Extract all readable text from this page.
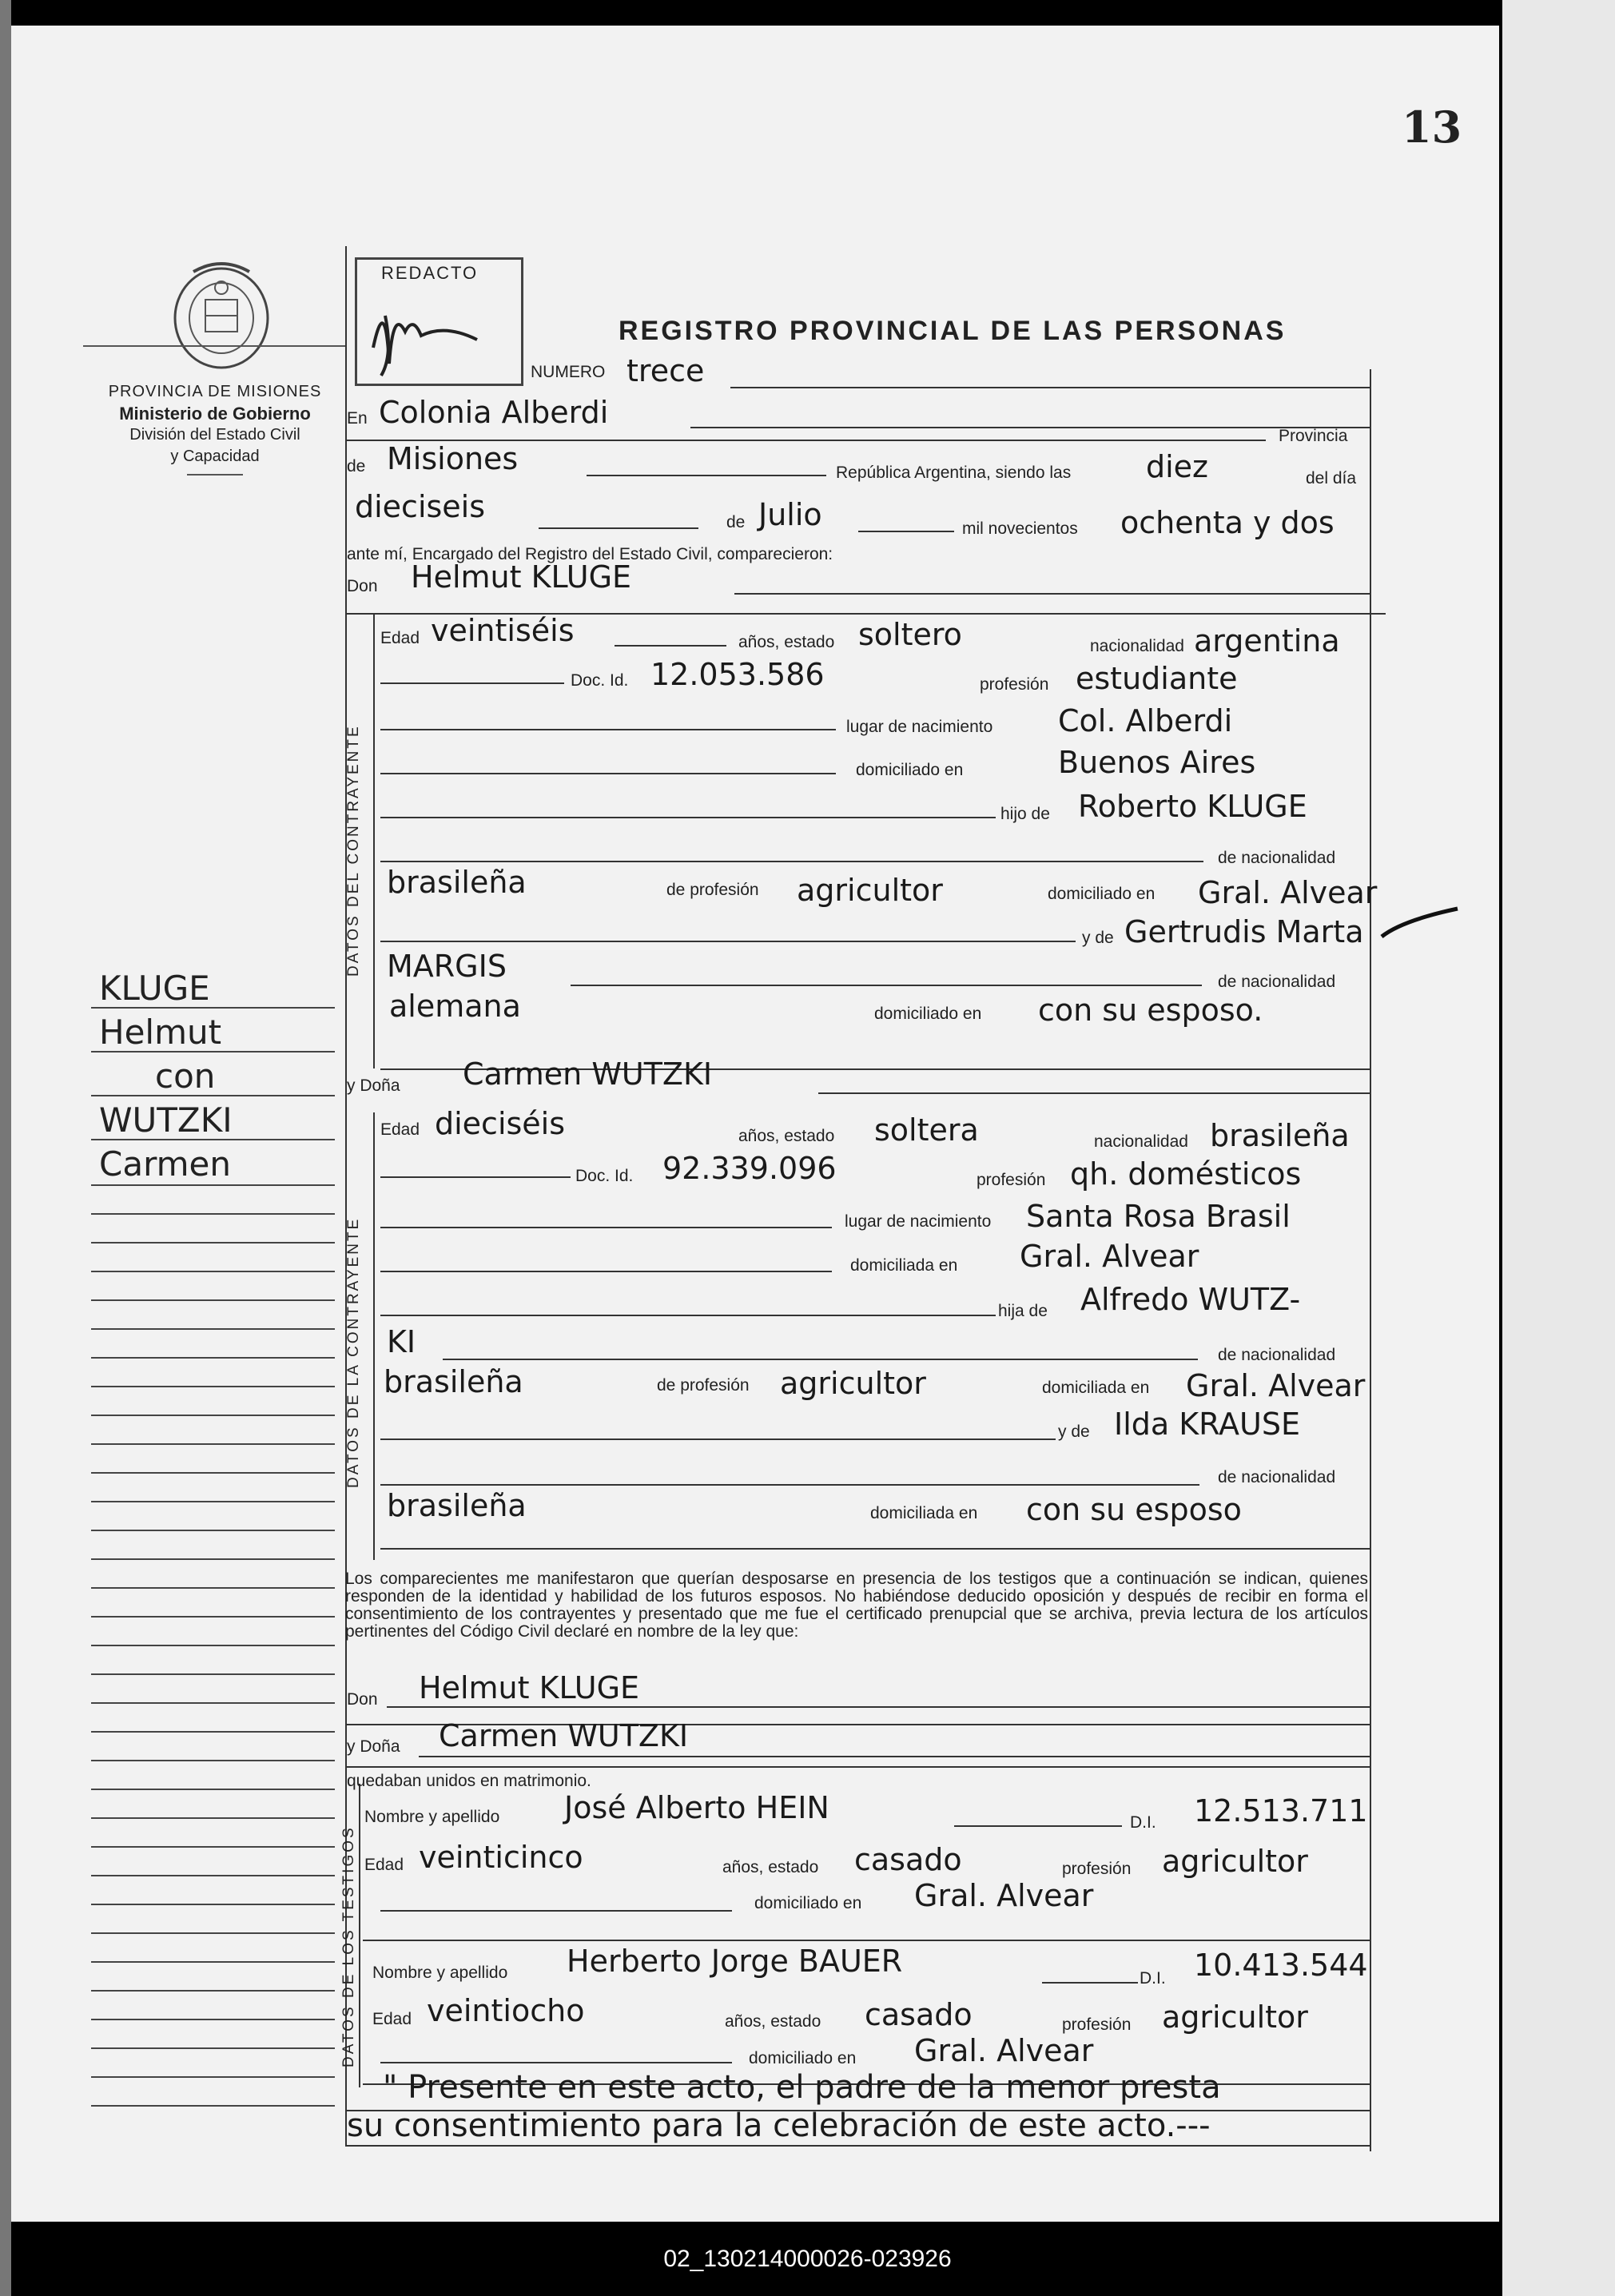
13
PROVINCIA DE MISIONES
Ministerio de Gobierno
División del Estado Civil
y Capacidad
REDACTO
REGISTRO PROVINCIAL DE LAS PERSONAS
KLUGE
Helmut
con
WUTZKI
Carmen
NUMERO trece
En Colonia Alberdi
Provincia
de Misiones	República Argentina, siendo las diez	del día
dieciseis	de Julio	mil novecientos ochenta y dos
ante mí, Encargado del Registro del Estado Civil, comparecieron:
Don Helmut KLUGE
DATOS DEL CONTRAYENTE
Edad veintiséis	años, estado soltero	nacionalidad argentina
Doc. Id. 12.053.586	profesión estudiante
lugar de nacimiento Col. Alberdi
domiciliado en	Buenos Aires
hijo de Roberto KLUGE
de nacionalidad
brasileña	de profesión agricultor	domiciliado en Gral. Alvear
y de Gertrudis Marta
MARGIS	de nacionalidad
alemana	domiciliado en con su esposo.
y Doña Carmen WUTZKI
DATOS DE LA CONTRAYENTE
Edad dieciséis	años, estado soltera	nacionalidad brasileña
Doc. Id. 92.339.096	profesión qh. domésticos
lugar de nacimiento Santa Rosa Brasil
domiciliada en Gral. Alvear
hija de Alfredo WUTZ-
KI	de nacionalidad
brasileña	de profesión agricultor	domiciliada en Gral. Alvear
y de Ilda KRAUSE
de nacionalidad
brasileña	domiciliada en con su esposo
Los comparecientes me manifestaron que querían desposarse en presencia de los testigos que a continuación se indican, quienes responden de la identidad y habilidad de los futuros esposos. No habiéndose deducido oposición y después de recibir en forma el consentimiento de los contrayentes y presentado que me fue el certificado prenupcial que se archiva, previa lectura de los artículos pertinentes del Código Civil declaré en nombre de la ley que:
Don Helmut KLUGE
y Doña Carmen WUTZKI
quedaban unidos en matrimonio.
DATOS DE LOS TESTIGOS
Nombre y apellido José Alberto HEIN	D.I. 12.513.711
Edad veinticinco	años, estado casado	profesión agricultor
domiciliado en Gral. Alvear
Nombre y apellido Herberto Jorge BAUER	D.I. 10.413.544
Edad veintiocho	años, estado casado	profesión agricultor
domiciliado en Gral. Alvear
" Presente en este acto, el padre de la menor presta
su consentimiento para la celebración de este acto.---
02_130214000026-023926
